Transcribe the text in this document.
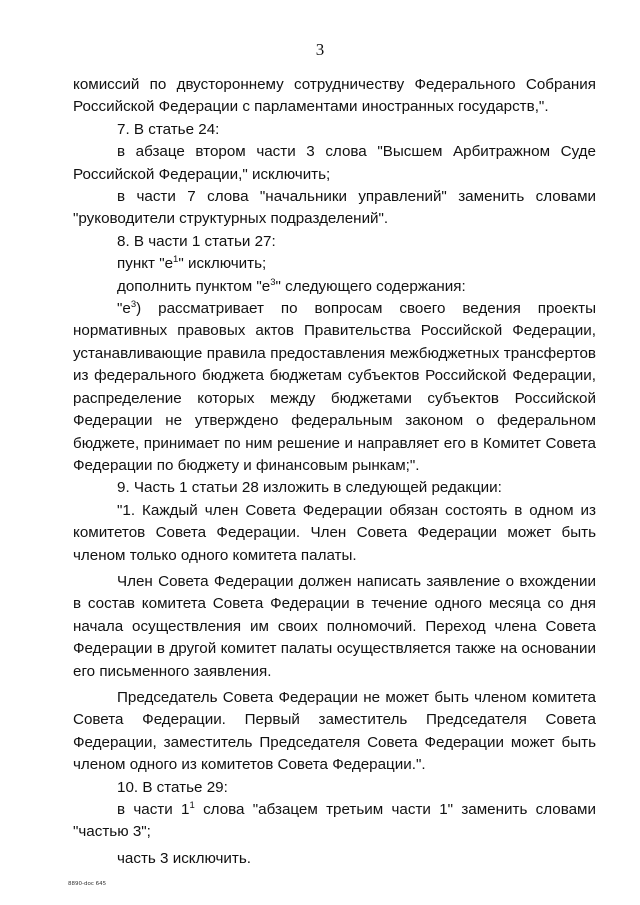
3

комиссий по двустороннему сотрудничеству Федерального Собрания Российской Федерации с парламентами иностранных государств,".

7. В статье 24:

в абзаце втором части 3 слова "Высшем Арбитражном Суде Российской Федерации," исключить;

в части 7 слова "начальники управлений" заменить словами "руководители структурных подразделений".

8. В части 1 статьи 27:

пункт "$е^1$" исключить;

дополнить пунктом "$е^3$" следующего содержания:

"$е^3$) рассматривает по вопросам своего ведения проекты нормативных правовых актов Правительства Российской Федерации, устанавливающие правила предоставления межбюджетных трансфертов из федерального бюджета бюджетам субъектов Российской Федерации, распределение которых между бюджетами субъектов Российской Федерации не утверждено федеральным законом о федеральном бюджете, принимает по ним решение и направляет его в Комитет Совета Федерации по бюджету и финансовым рынкам;".

9. Часть 1 статьи 28 изложить в следующей редакции:

"1. Каждый член Совета Федерации обязан состоять в одном из комитетов Совета Федерации. Член Совета Федерации может быть членом только одного комитета палаты.

Член Совета Федерации должен написать заявление о вхождении в состав комитета Совета Федерации в течение одного месяца со дня начала осуществления им своих полномочий. Переход члена Совета Федерации в другой комитет палаты осуществляется также на основании его письменного заявления.

Председатель Совета Федерации не может быть членом комитета Совета Федерации. Первый заместитель Председателя Совета Федерации, заместитель Председателя Совета Федерации может быть членом одного из комитетов Совета Федерации.".

10. В статье 29:

в части $1^1$ слова "абзацем третьим части 1" заменить словами "частью 3";

часть 3 исключить.

8890-doc 645
